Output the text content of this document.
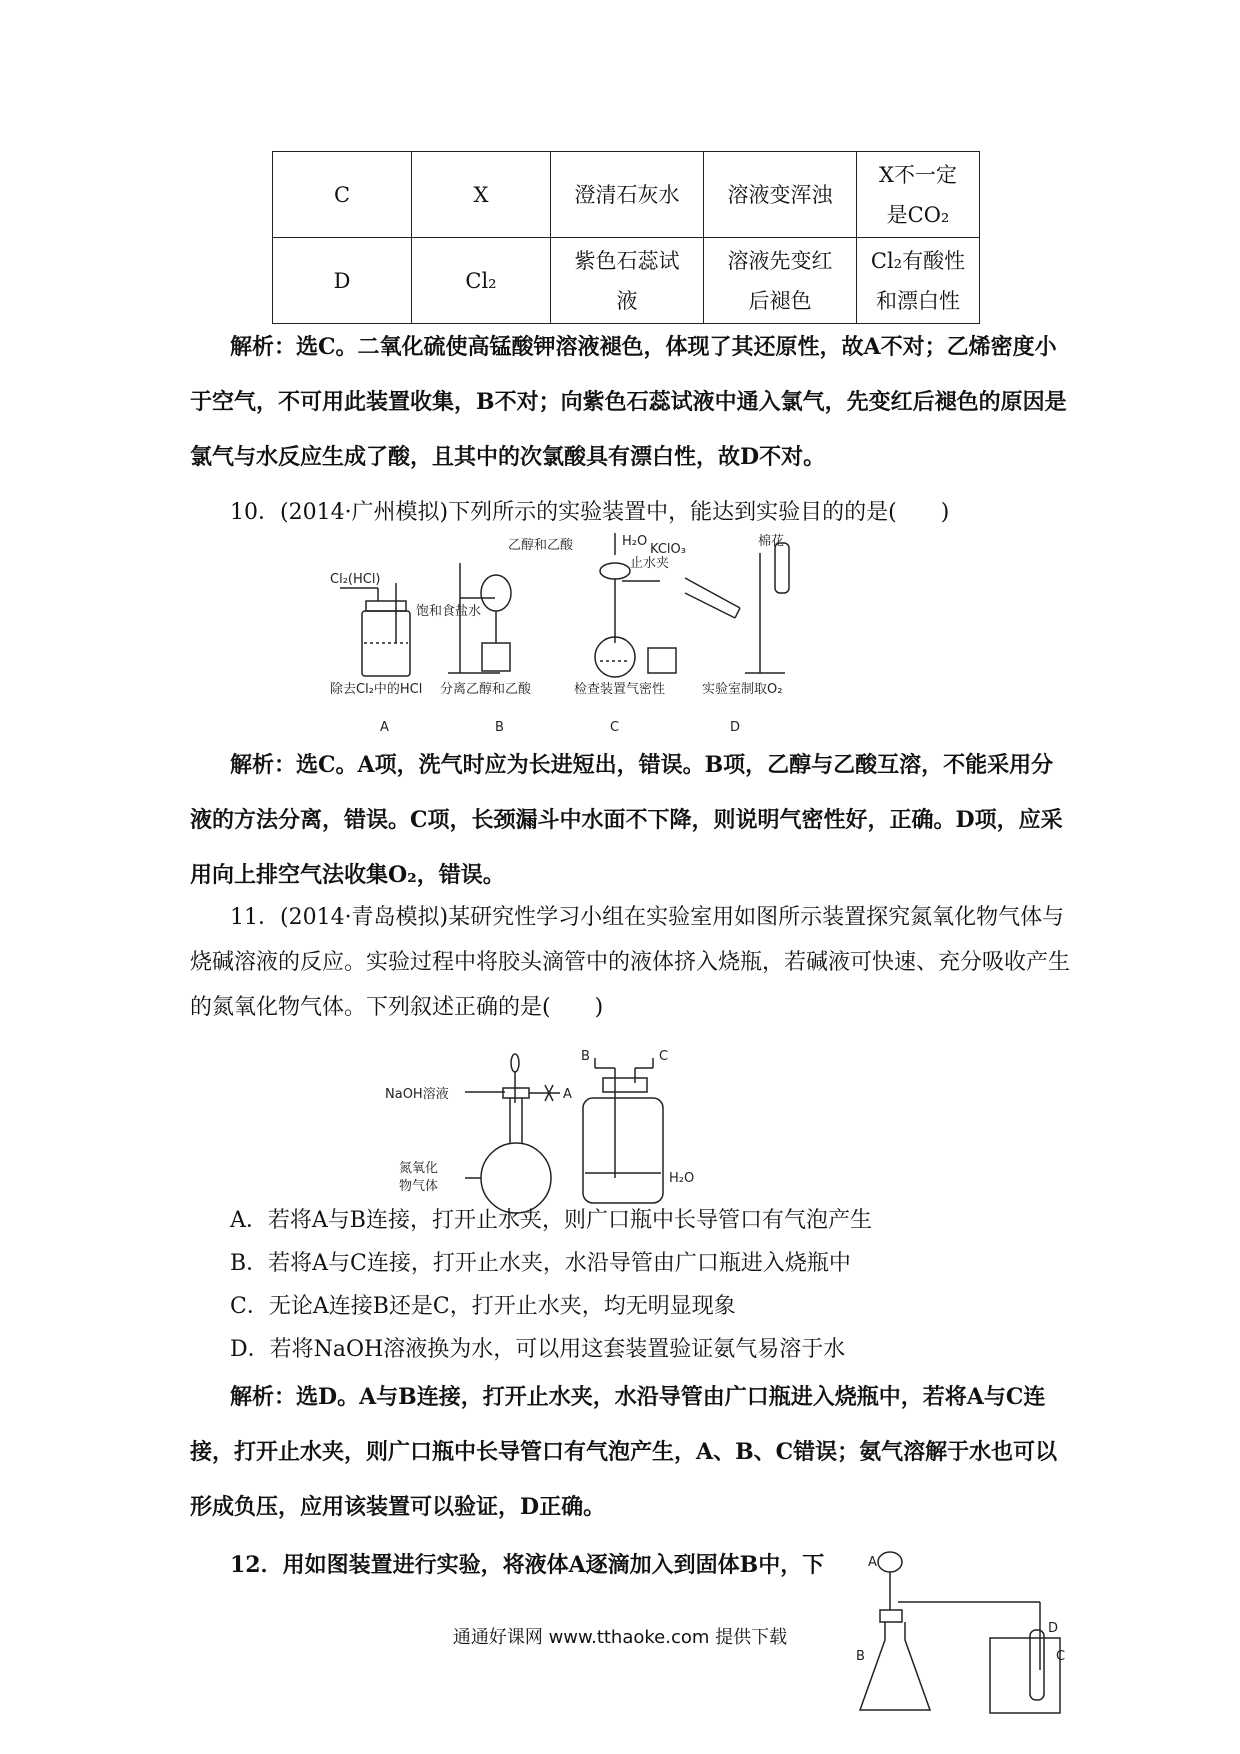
C	X	澄清石灰水	溶液变浑浊	X不一定是CO₂

D	Cl₂	紫色石蕊试液	溶液先变红后褪色	Cl₂有酸性和漂白性
解析：选C。二氧化硫使高锰酸钾溶液褪色，体现了其还原性，故A不对；乙烯密度小于空气，不可用此装置收集，B不对；向紫色石蕊试液中通入氯气，先变红后褪色的原因是氯气与水反应生成了酸，且其中的次氯酸具有漂白性，故D不对。
10．(2014·广州模拟)下列所示的实验装置中，能达到实验目的的是(　　)
Cl₂(HCl)
饱和食盐水
除去Cl₂中的HCl
A
乙醇和乙酸
分离乙醇和乙酸
B
H₂O
止水夹
检查装置气密性
C
KClO₃
棉花
实验室制取O₂
D
解析：选C。A项，洗气时应为长进短出，错误。B项，乙醇与乙酸互溶，不能采用分液的方法分离，错误。C项，长颈漏斗中水面不下降，则说明气密性好，正确。D项，应采用向上排空气法收集O₂，错误。
11．(2014·青岛模拟)某研究性学习小组在实验室用如图所示装置探究氮氧化物气体与烧碱溶液的反应。实验过程中将胶头滴管中的液体挤入烧瓶，若碱液可快速、充分吸收产生的氮氧化物气体。下列叙述正确的是(　　)
NaOH溶液	A
氮氧化
物气体
B	C
H₂O
A．若将A与B连接，打开止水夹，则广口瓶中长导管口有气泡产生
B．若将A与C连接，打开止水夹，水沿导管由广口瓶进入烧瓶中
C．无论A连接B还是C，打开止水夹，均无明显现象
D．若将NaOH溶液换为水，可以用这套装置验证氨气易溶于水
解析：选D。A与B连接，打开止水夹，水沿导管由广口瓶进入烧瓶中，若将A与C连接，打开止水夹，则广口瓶中长导管口有气泡产生，A、B、C错误；氨气溶解于水也可以形成负压，应用该装置可以验证，D正确。
12．用如图装置进行实验，将液体A逐滴加入到固体B中，下	A
B	C
D
通通好课网 www.tthaoke.com 提供下载
